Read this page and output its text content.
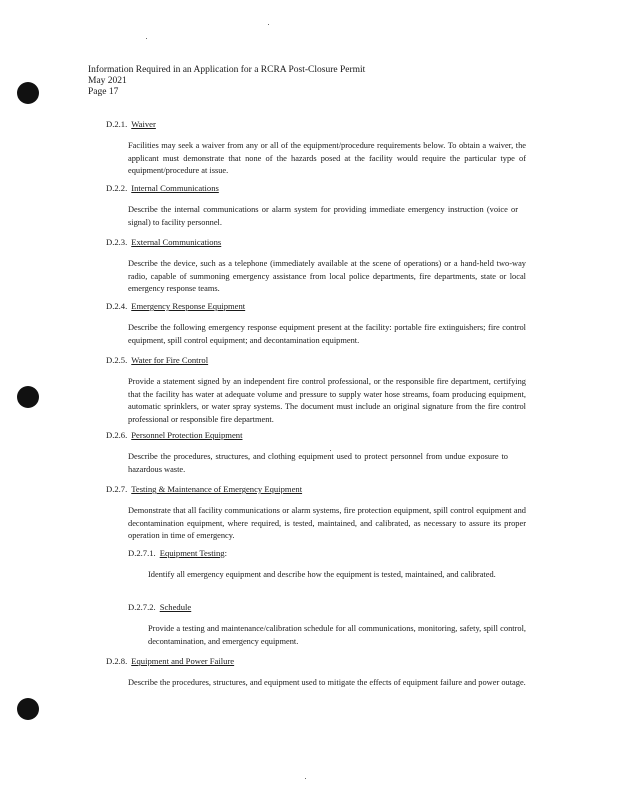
Information Required in an Application for a RCRA Post-Closure Permit
May 2021
Page 17
D.2.1. Waiver
Facilities may seek a waiver from any or all of the equipment/procedure requirements below. To obtain a waiver, the applicant must demonstrate that none of the hazards posed at the facility would require the particular type of equipment/procedure at issue.
D.2.2. Internal Communications
Describe the internal communications or alarm system for providing immediate emergency instruction (voice or signal) to facility personnel.
D.2.3. External Communications
Describe the device, such as a telephone (immediately available at the scene of operations) or a hand-held two-way radio, capable of summoning emergency assistance from local police departments, fire departments, state or local emergency response teams.
D.2.4. Emergency Response Equipment
Describe the following emergency response equipment present at the facility: portable fire extinguishers; fire control equipment, spill control equipment; and decontamination equipment.
D.2.5. Water for Fire Control
Provide a statement signed by an independent fire control professional, or the responsible fire department, certifying that the facility has water at adequate volume and pressure to supply water hose streams, foam producing equipment, automatic sprinklers, or water spray systems. The document must include an original signature from the fire control professional or responsible fire department.
D.2.6. Personnel Protection Equipment
Describe the procedures, structures, and clothing equipment used to protect personnel from undue exposure to hazardous waste.
D.2.7. Testing & Maintenance of Emergency Equipment
Demonstrate that all facility communications or alarm systems, fire protection equipment, spill control equipment and decontamination equipment, where required, is tested, maintained, and calibrated, as necessary to assure its proper operation in time of emergency.
D.2.7.1. Equipment Testing:
Identify all emergency equipment and describe how the equipment is tested, maintained, and calibrated.
D.2.7.2. Schedule
Provide a testing and maintenance/calibration schedule for all communications, monitoring, safety, spill control, decontamination, and emergency equipment.
D.2.8. Equipment and Power Failure
Describe the procedures, structures, and equipment used to mitigate the effects of equipment failure and power outage.
